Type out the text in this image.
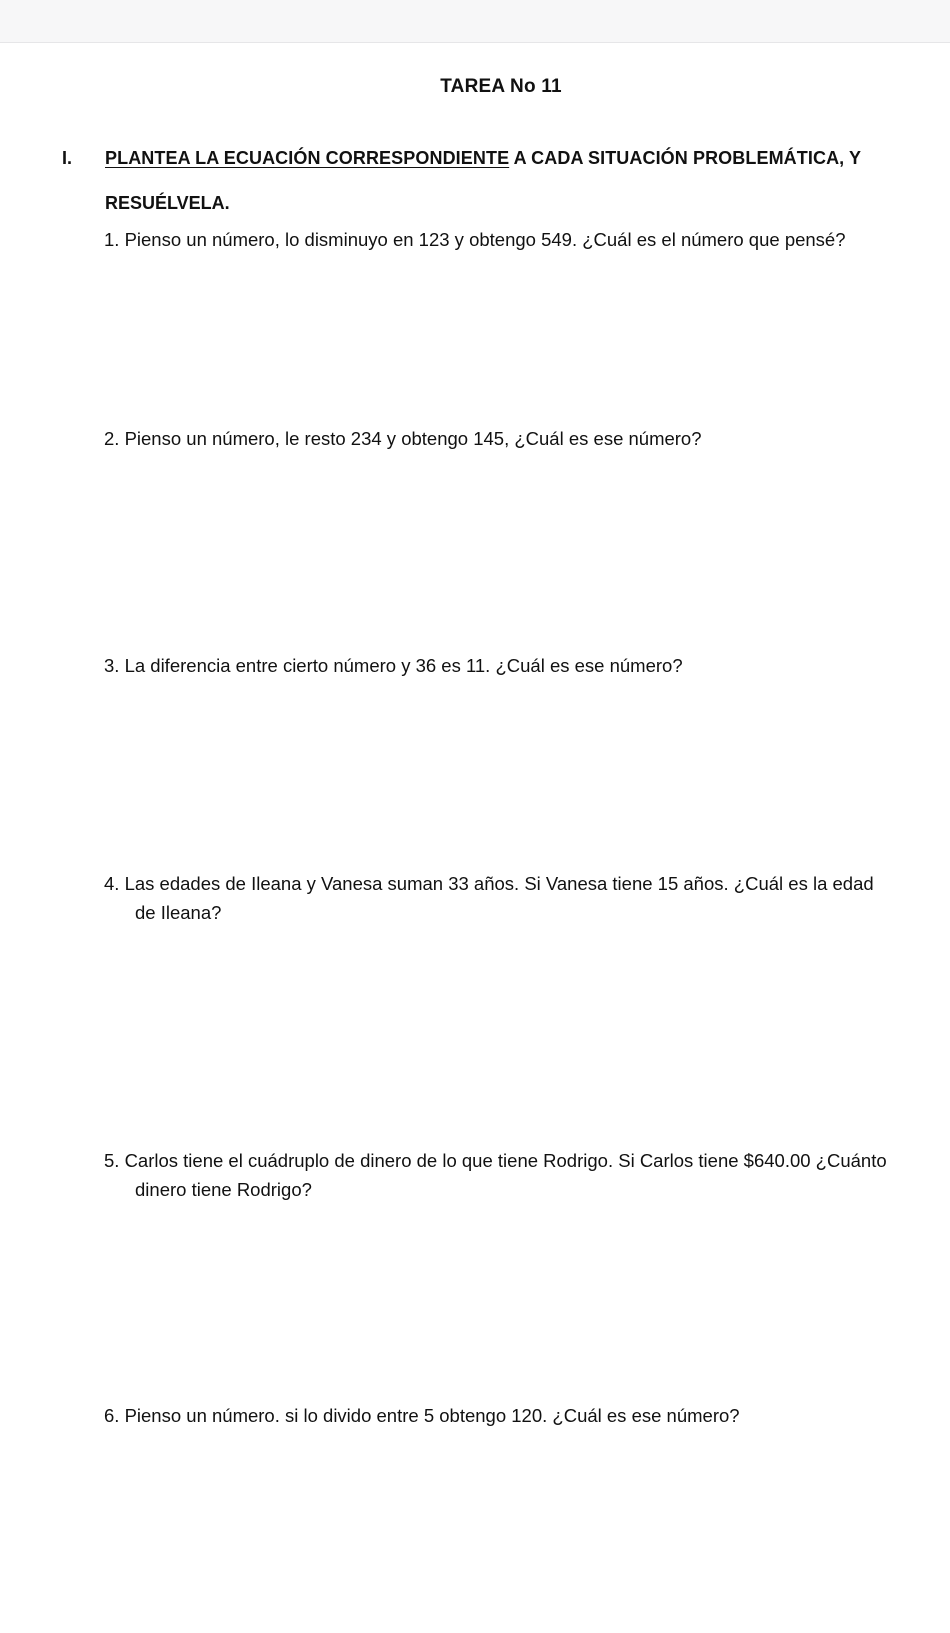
TAREA No 11
I. PLANTEA LA ECUACIÓN CORRESPONDIENTE A CADA SITUACIÓN PROBLEMÁTICA, Y
RESUÉLVELA.
1. Pienso un número, lo disminuyo en 123 y obtengo 549. ¿Cuál es el número que pensé?
2. Pienso un número, le resto 234 y obtengo 145, ¿Cuál es ese número?
3. La diferencia entre cierto número y 36 es 11. ¿Cuál es ese número?
4. Las edades de Ileana y Vanesa suman 33 años. Si Vanesa tiene 15 años. ¿Cuál es la edad
de Ileana?
5. Carlos tiene el cuádruplo de dinero de lo que tiene Rodrigo. Si Carlos tiene $640.00 ¿Cuánto
dinero tiene Rodrigo?
6. Pienso un número. si lo divido entre 5 obtengo 120. ¿Cuál es ese número?
